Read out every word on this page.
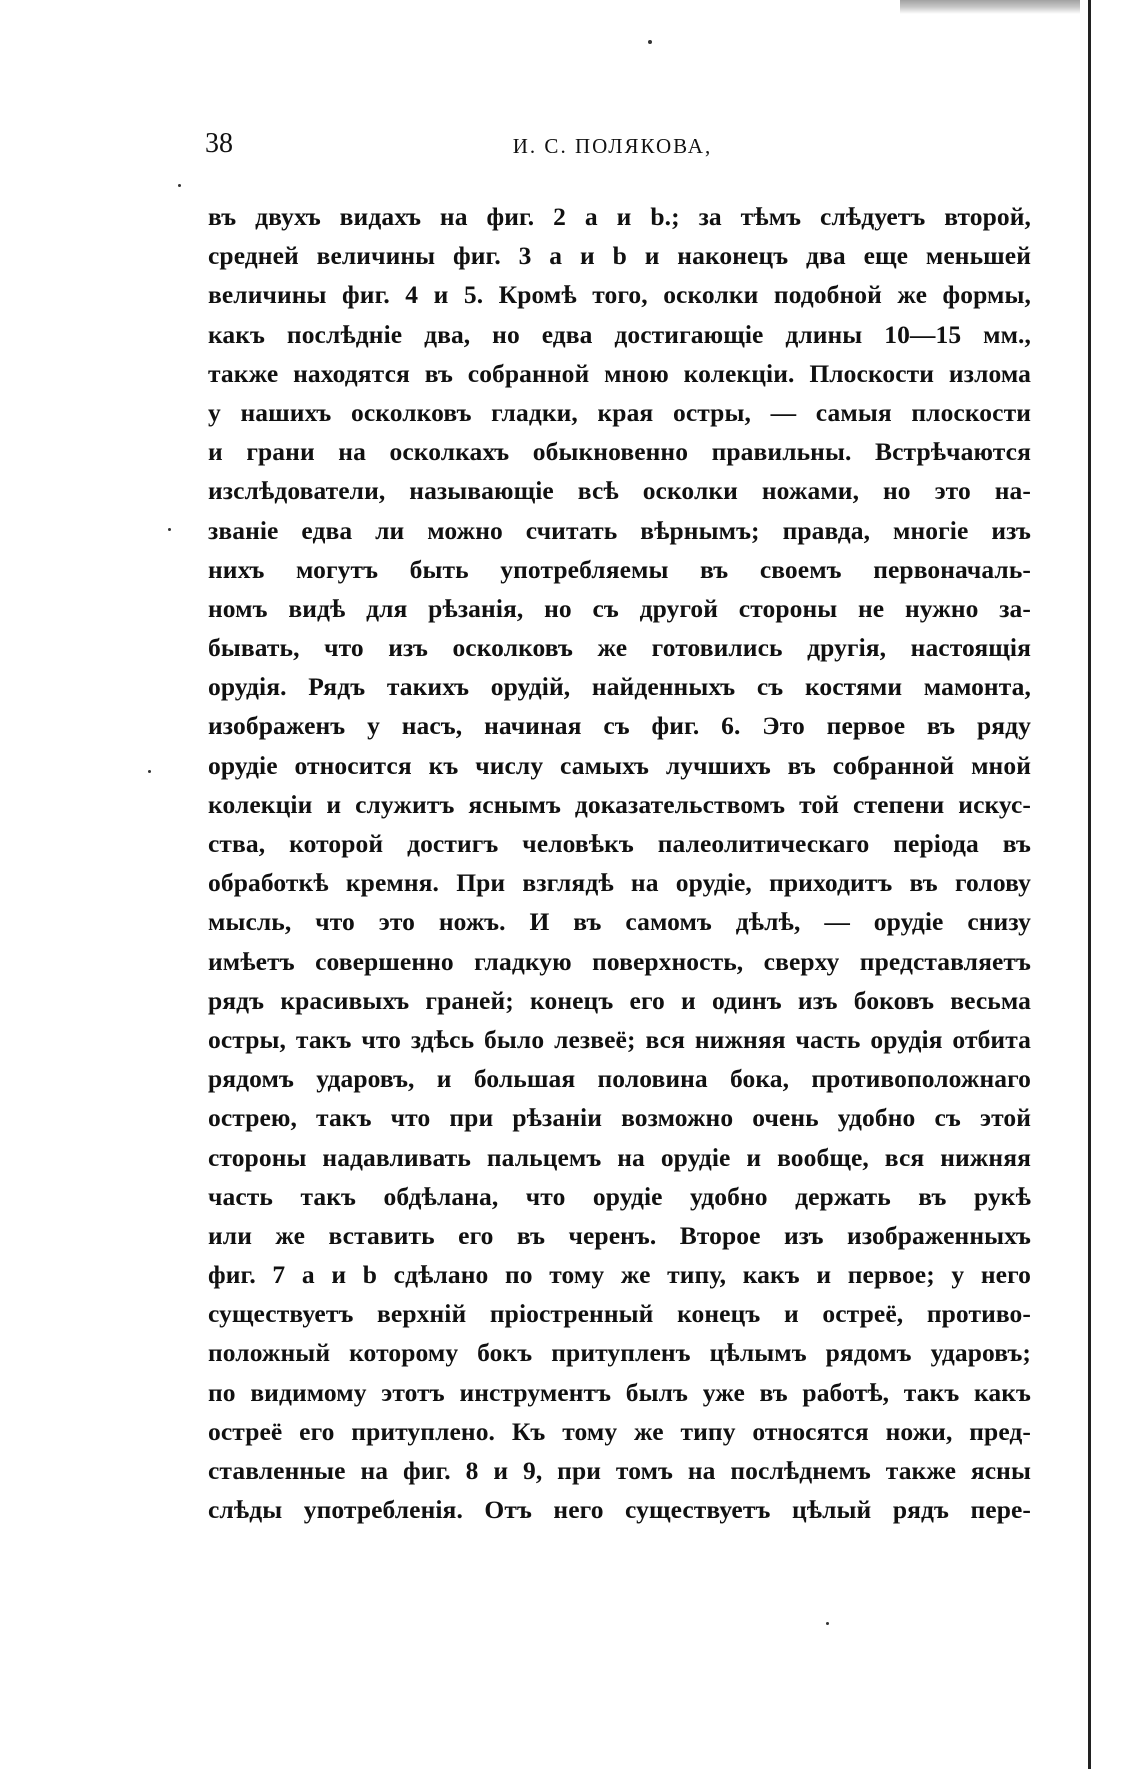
38	И. С. ПОЛЯКОВА,
въ двухъ видахъ на фиг. 2 a и b.; за тѣмъ слѣдуетъ второй,
средней величины фиг. 3 a и b и наконецъ два еще меньшей
величины фиг. 4 и 5. Кромѣ того, осколки подобной же формы,
какъ послѣдніе два, но едва достигающіе длины 10—15 мм.,
также находятся въ собранной мною колекціи. Плоскости излома
у нашихъ осколковъ гладки, края остры, — самыя плоскости
и грани на осколкахъ обыкновенно правильны. Встрѣчаются
изслѣдователи, называющіе всѣ осколки ножами, но это на-
званіе едва ли можно считать вѣрнымъ; правда, многіе изъ
нихъ могутъ быть употребляемы въ своемъ первоначаль-
номъ видѣ для рѣзанія, но съ другой стороны не нужно за-
бывать, что изъ осколковъ же готовились другія, настоящія
орудія. Рядъ такихъ орудій, найденныхъ съ костями мамонта,
изображенъ у насъ, начиная съ фиг. 6. Это первое въ ряду
орудіе относится къ числу самыхъ лучшихъ въ собранной мной
колекціи и служитъ яснымъ доказательствомъ той степени искус-
ства, которой достигъ человѣкъ палеолитическаго періода въ
обработкѣ кремня. При взглядѣ на орудіе, приходитъ въ голову
мысль, что это ножъ. И въ самомъ дѣлѣ, — орудіе снизу
имѣетъ совершенно гладкую поверхность, сверху представляетъ
рядъ красивыхъ граней; конецъ его и одинъ изъ боковъ весьма
остры, такъ что здѣсь было лезвеё; вся нижняя часть орудія отбита
рядомъ ударовъ, и большая половина бока, противоположнаго
острею, такъ что при рѣзаніи возможно очень удобно съ этой
стороны надавливать пальцемъ на орудіе и вообще, вся нижняя
часть такъ обдѣлана, что орудіе удобно держать въ рукѣ
или же вставить его въ черенъ. Второе изъ изображенныхъ
фиг. 7 a и b сдѣлано по тому же типу, какъ и первое; у него
существуетъ верхній пріостренный конецъ и остреё, противо-
положный которому бокъ притупленъ цѣлымъ рядомъ ударовъ;
по видимому этотъ инструментъ былъ уже въ работѣ, такъ какъ
остреё его притуплено. Къ тому же типу относятся ножи, пред-
ставленные на фиг. 8 и 9, при томъ на послѣднемъ также ясны
слѣды употребленія. Отъ него существуетъ цѣлый рядъ пере-
